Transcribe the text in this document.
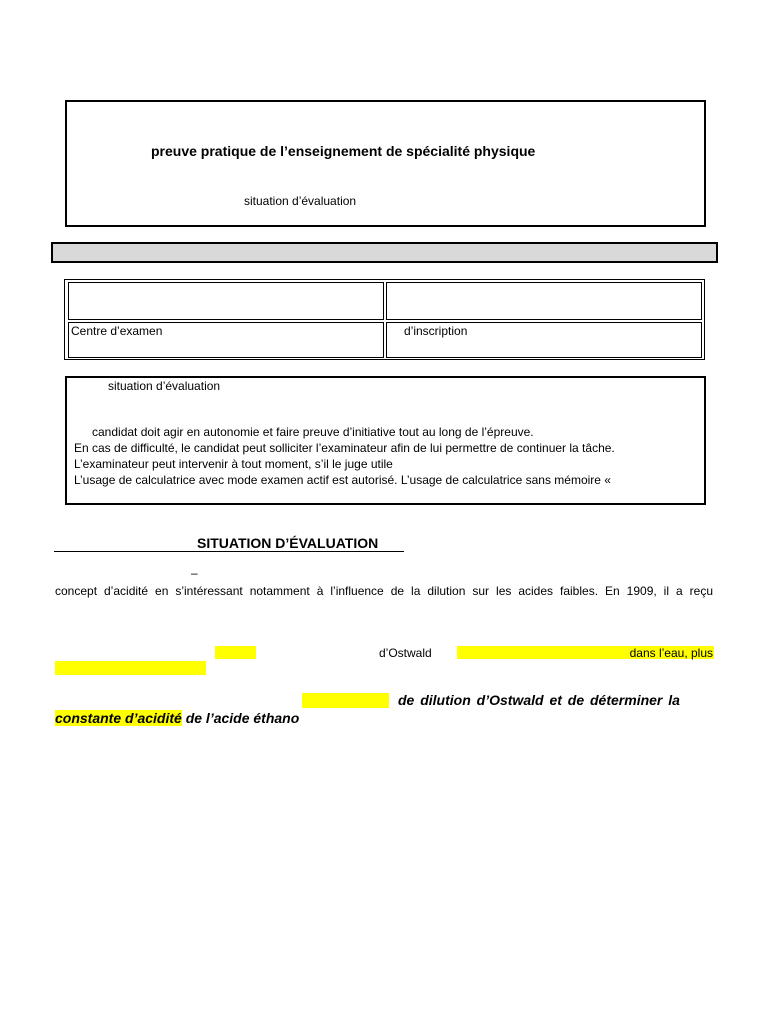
preuve pratique de l’enseignement de spécialité physique
situation d’évaluation
Centre d’examen	d’inscription
situation d’évaluation
candidat doit agir en autonomie et faire preuve d’initiative tout au long de l’épreuve.
En cas de difficulté, le candidat peut solliciter l’examinateur afin de lui permettre de continuer la tâche.
L’examinateur peut intervenir à tout moment, s’il le juge utile
L’usage de calculatrice avec mode examen actif est autorisé. L’usage de calculatrice sans mémoire «
SITUATION D’ÉVALUATION
–
concept d’acidité en s’intéressant notamment à l’influence de la dilution sur les acides faibles. En 1909, il a reçu
d’Ostwald	dans l’eau, plus
de dilution d’Ostwald et de déterminer la
constante d’acidité de l’acide éthano
